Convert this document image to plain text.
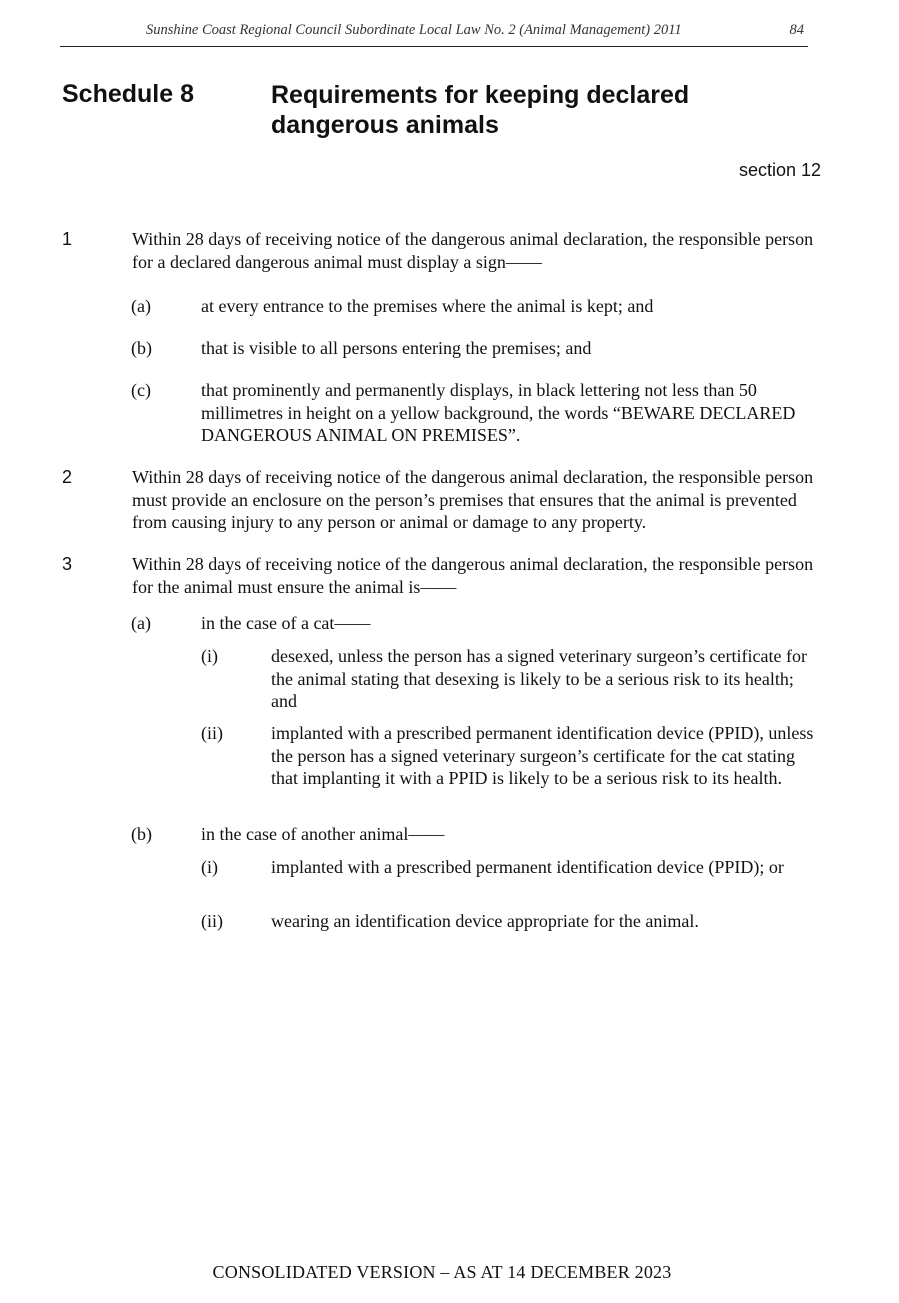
Sunshine Coast Regional Council Subordinate Local Law No. 2 (Animal Management) 2011	84
Schedule 8	Requirements for keeping declared dangerous animals
section 12
1	Within 28 days of receiving notice of the dangerous animal declaration, the responsible person for a declared dangerous animal must display a sign——
(a)	at every entrance to the premises where the animal is kept; and
(b)	that is visible to all persons entering the premises; and
(c)	that prominently and permanently displays, in black lettering not less than 50 millimetres in height on a yellow background, the words “BEWARE DECLARED DANGEROUS ANIMAL ON PREMISES”.
2	Within 28 days of receiving notice of the dangerous animal declaration, the responsible person must provide an enclosure on the person’s premises that ensures that the animal is prevented from causing injury to any person or animal or damage to any property.
3	Within 28 days of receiving notice of the dangerous animal declaration, the responsible person for the animal must ensure the animal is——
(a)	in the case of a cat——
(i)	desexed, unless the person has a signed veterinary surgeon’s certificate for the animal stating that desexing is likely to be a serious risk to its health; and
(ii)	implanted with a prescribed permanent identification device (PPID), unless the person has a signed veterinary surgeon’s certificate for the cat stating that implanting it with a PPID is likely to be a serious risk to its health.
(b)	in the case of another animal——
(i)	implanted with a prescribed permanent identification device (PPID); or
(ii)	wearing an identification device appropriate for the animal.
CONSOLIDATED VERSION – AS AT 14 DECEMBER 2023
